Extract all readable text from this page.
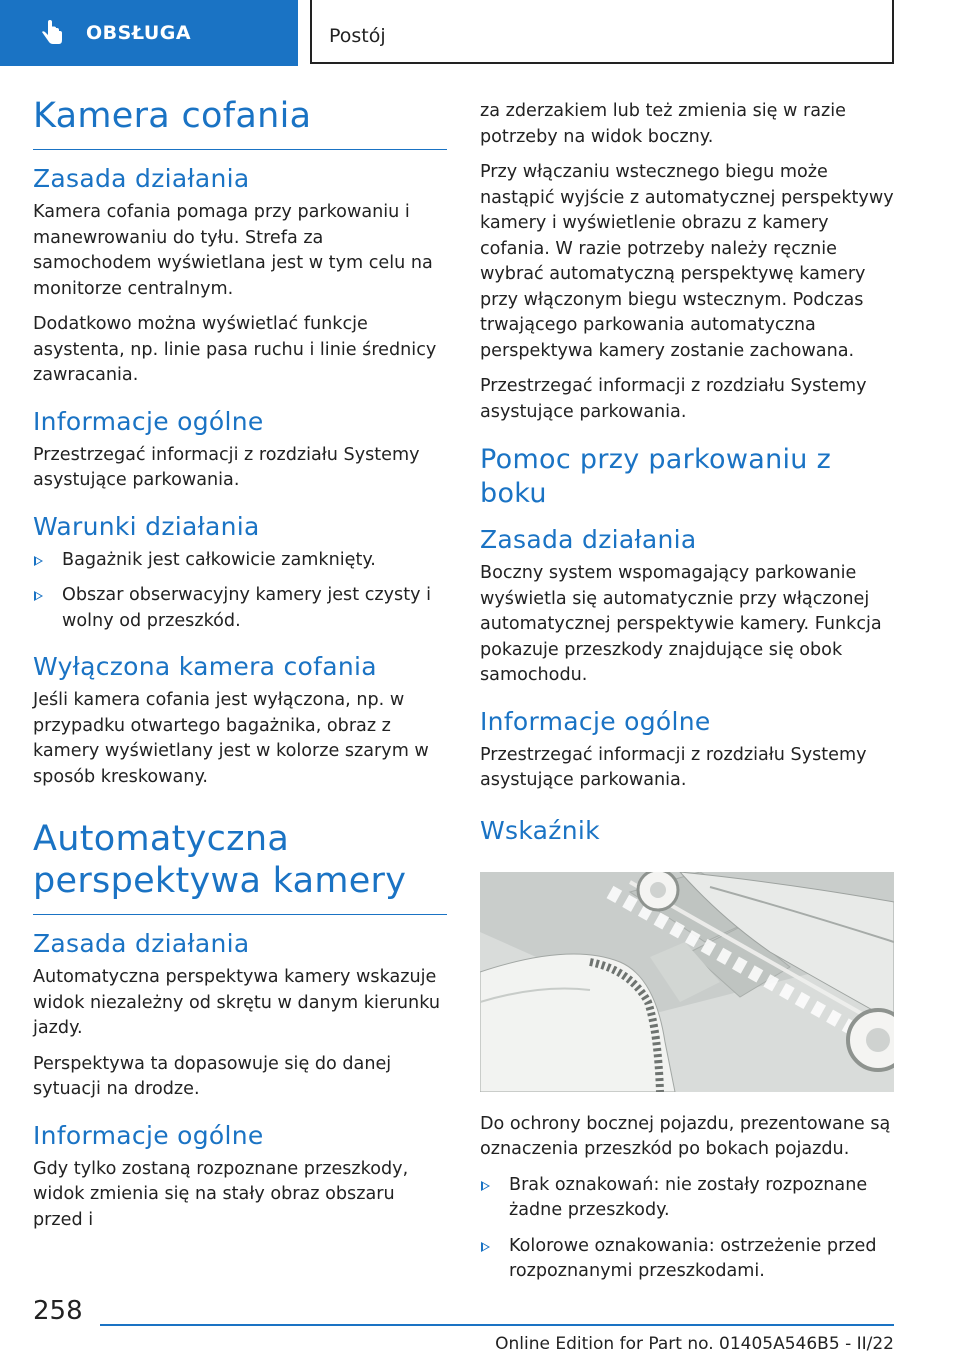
OBSŁUGA	Postój
Kamera cofania
Zasada działania

Kamera cofania pomaga przy parkowaniu i manewrowaniu do tyłu. Strefa za samochodem wyświetlana jest w tym celu na monitorze centralnym.

Dodatkowo można wyświetlać funkcje asystenta, np. linie pasa ruchu i linie średnicy zawracania.

Informacje ogólne

Przestrzegać informacji z rozdziału Systemy asystujące parkowania.

Warunki działania
Bagażnik jest całkowicie zamknięty.
Obszar obserwacyjny kamery jest czysty i wolny od przeszkód.
Wyłączona kamera cofania

Jeśli kamera cofania jest wyłączona, np. w przypadku otwartego bagażnika, obraz z kamery wyświetlany jest w kolorze szarym w sposób kreskowany.

Automatyczna perspektywa kamery
Zasada działania

Automatyczna perspektywa kamery wskazuje widok niezależny od skrętu w danym kierunku jazdy.

Perspektywa ta dopasowuje się do danej sytuacji na drodze.

Informacje ogólne

Gdy tylko zostaną rozpoznane przeszkody, widok zmienia się na stały obraz obszaru przed i

za zderzakiem lub też zmienia się w razie potrzeby na widok boczny.

Przy włączaniu wstecznego biegu może nastąpić wyjście z automatycznej perspektywy kamery i wyświetlenie obrazu z kamery cofania. W razie potrzeby należy ręcznie wybrać automatyczną perspektywę kamery przy włączonym biegu wstecznym. Podczas trwającego parkowania automatyczna perspektywa kamery zostanie zachowana.

Przestrzegać informacji z rozdziału Systemy asystujące parkowania.

Pomoc przy parkowaniu z boku
Zasada działania

Boczny system wspomagający parkowanie wyświetla się automatycznie przy włączonej automatycznej perspektywie kamery. Funkcja pokazuje przeszkody znajdujące się obok samochodu.

Informacje ogólne

Przestrzegać informacji z rozdziału Systemy asystujące parkowania.

Wskaźnik

Do ochrony bocznej pojazdu, prezentowane są oznaczenia przeszkód po bokach pojazdu.

Brak oznakowań: nie zostały rozpoznane żadne przeszkody.
Kolorowe oznakowania: ostrzeżenie przed rozpoznanymi przeszkodami.
258
Online Edition for Part no. 01405A546B5 - II/22
